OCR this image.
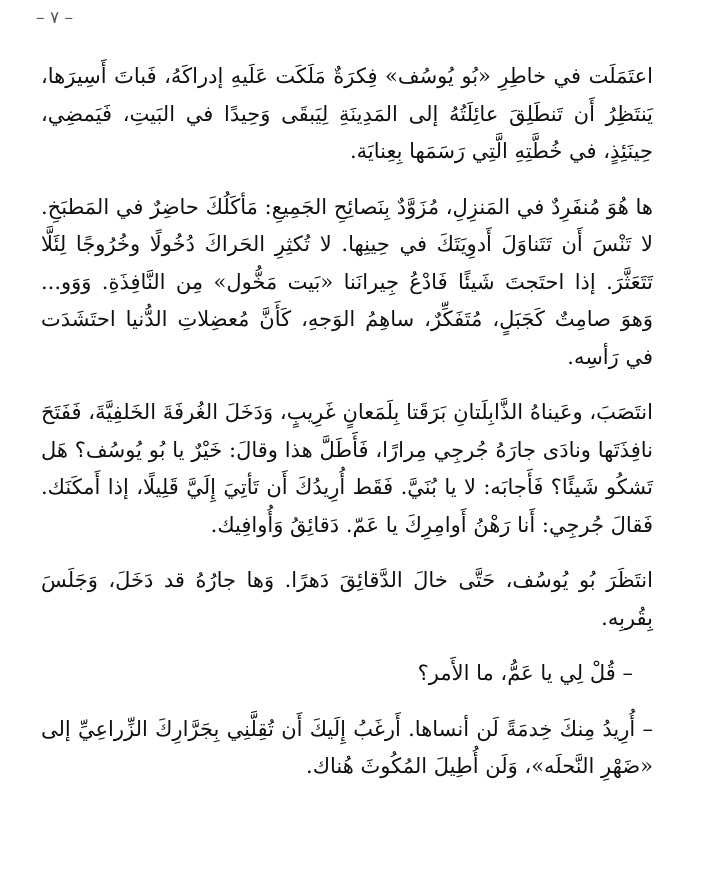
– ٧ –

اعتَمَلَت في خاطِرِ «بُو يُوسُف» فِكرَةٌ مَلَكَت عَلَيهِ إدراكَهُ، فَباتَ أَسِيرَها، يَنتَظِرُ أَن تَنطَلِقَ عائِلَتُهُ إلى المَدِينَةِ لِيَبقَى وَحِيدًا في البَيتِ، فَيَمضِي، حِينَئِذٍ، في خُطَّتِهِ الَّتِي رَسَمَها بِعِنايَة.

ها هُوَ مُنفَرِدٌ في المَنزِلِ، مُزَوَّدٌ بِنَصائِحِ الجَمِيعِ: مَأكَلُكَ حاضِرٌ في المَطبَخِ. لا تَنْسَ أَن تَتَناوَلَ أَدوِيَتَكَ في حِينِها. لا تُكثِرِ الحَراكَ دُخُولًا وخُرُوجًا لِئَلَّا تَتَعَثَّرَ. إذا احتَجتَ شَيئًا فَادْعُ جِيرانَنا «بَيت مَخُّول» مِن النَّافِذَةِ. وَوَو... وَهوَ صامِتٌ كَجَبَلٍ، مُتَفَكِّرٌ، ساهِمُ الوَجهِ، كَأَنَّ مُعضِلاتِ الدُّنيا احتَشَدَت في رَأسِه.

انتَصَبَ، وعَيناهُ الذَّابِلَتانِ بَرَقَتا بِلَمَعانٍ غَرِيبٍ، وَدَخَلَ الغُرفَةَ الخَلفِيَّةَ، فَفَتَحَ نافِذَتَها ونادَى جارَهُ جُرجِي مِرارًا، فَأَطَلَّ هذا وقالَ: خَيْرٌ يا بُو يُوسُف؟ هَل تَشكُو شَيئًا؟ فَأَجابَه: لا يا بُنَيَّ. فَقَط أُرِيدُكَ أَن تَأتِيَ إِلَيَّ قَلِيلًا، إذا أَمكَنَك. فَقالَ جُرجِي: أَنا رَهْنُ أَوامِرِكَ يا عَمّ. دَقائِقُ وَأُوافِيك.

انتَظَرَ بُو يُوسُف، حَتَّى خالَ الدَّقائِقَ دَهرًا. وَها جارُهُ قد دَخَلَ، وَجَلَسَ بِقُربِه.

– قُلْ لِي يا عَمُّ، ما الأَمر؟

– أُرِيدُ مِنكَ خِدمَةً لَن أنساها. أَرغَبُ إِلَيكَ أَن تُقِلَّنِي بِجَرَّارِكَ الزِّراعِيِّ إلى «ضَهْرِ النَّحلَه»، وَلَن أُطِيلَ المُكُوثَ هُناك.
